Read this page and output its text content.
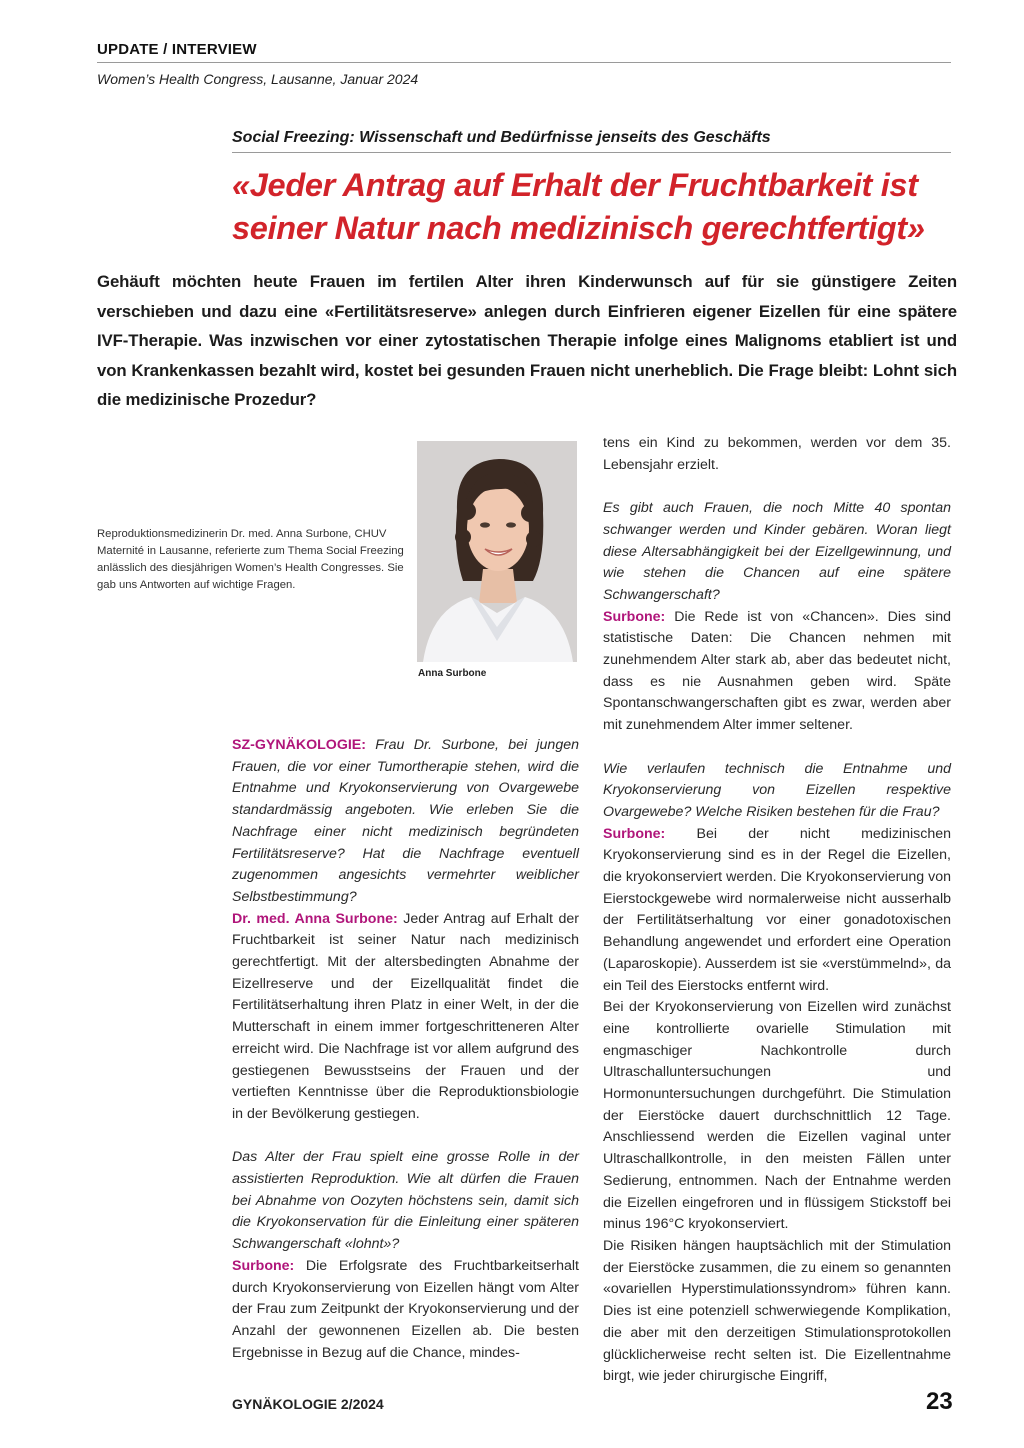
UPDATE / INTERVIEW
Women’s Health Congress, Lausanne, Januar 2024
Social Freezing: Wissenschaft und Bedürfnisse jenseits des Geschäfts
«Jeder Antrag auf Erhalt der Fruchtbarkeit ist seiner Natur nach medizinisch gerechtfertigt»
Gehäuft möchten heute Frauen im fertilen Alter ihren Kinderwunsch auf für sie günstigere Zeiten verschieben und dazu eine «Fertilitätsreserve» anlegen durch Einfrieren eigener Eizellen für eine spätere IVF-Therapie. Was inzwischen vor einer zytostatischen Therapie infolge eines Malignoms etabliert ist und von Krankenkassen bezahlt wird, kostet bei gesunden Frauen nicht unerheblich. Die Frage bleibt: Lohnt sich die medizinische Prozedur?
Reproduktionsmedizinerin Dr. med. Anna Surbone, CHUV Maternité in Lausanne, referierte zum Thema Social Freezing anlässlich des diesjährigen Women’s Health Congresses. Sie gab uns Antworten auf wichtige Fragen.
Anna Surbone

SZ-GYNÄKOLOGIE: Frau Dr. Surbone, bei jungen Frauen, die vor einer Tumortherapie stehen, wird die Entnahme und Kryokonservierung von Ovargewebe standardmässig angeboten. Wie erleben Sie die Nachfrage einer nicht medizinisch begründeten Fertilitätsreserve? Hat die Nachfrage eventuell zugenommen angesichts vermehrter weiblicher Selbstbestimmung?

Dr. med. Anna Surbone: Jeder Antrag auf Erhalt der Fruchtbarkeit ist seiner Natur nach medizinisch gerechtfertigt. Mit der altersbedingten Abnahme der Eizellreserve und der Eizellqualität findet die Fertilitätserhaltung ihren Platz in einer Welt, in der die Mutterschaft in einem immer fortgeschritteneren Alter erreicht wird. Die Nachfrage ist vor allem aufgrund des gestiegenen Bewusstseins der Frauen und der vertieften Kenntnisse über die Reproduktionsbiologie in der Bevölkerung gestiegen.

Das Alter der Frau spielt eine grosse Rolle in der assistierten Reproduktion. Wie alt dürfen die Frauen bei Abnahme von Oozyten höchstens sein, damit sich die Kryokonservation für die Einleitung einer späteren Schwangerschaft «lohnt»?

Surbone: Die Erfolgsrate des Fruchtbarkeitserhalt durch Kryokonservierung von Eizellen hängt vom Alter der Frau zum Zeitpunkt der Kryokonservierung und der Anzahl der gewonnenen Eizellen ab. Die besten Ergebnisse in Bezug auf die Chance, mindes-

tens ein Kind zu bekommen, werden vor dem 35. Lebensjahr erzielt.

Es gibt auch Frauen, die noch Mitte 40 spontan schwanger werden und Kinder gebären. Woran liegt diese Altersabhängigkeit bei der Eizellgewinnung, und wie stehen die Chancen auf eine spätere Schwangerschaft?

Surbone: Die Rede ist von «Chancen». Dies sind statistische Daten: Die Chancen nehmen mit zunehmendem Alter stark ab, aber das bedeutet nicht, dass es nie Ausnahmen geben wird. Späte Spontanschwangerschaften gibt es zwar, werden aber mit zunehmendem Alter immer seltener.

Wie verlaufen technisch die Entnahme und Kryokonservierung von Eizellen respektive Ovargewebe? Welche Risiken bestehen für die Frau?

Surbone: Bei der nicht medizinischen Kryokonservierung sind es in der Regel die Eizellen, die kryokonserviert werden. Die Kryokonservierung von Eierstockgewebe wird normalerweise nicht ausserhalb der Fertilitätserhaltung vor einer gonadotoxischen Behandlung angewendet und erfordert eine Operation (Laparoskopie). Ausserdem ist sie «verstümmelnd», da ein Teil des Eierstocks entfernt wird.

Bei der Kryokonservierung von Eizellen wird zunächst eine kontrollierte ovarielle Stimulation mit engmaschiger Nachkontrolle durch Ultraschalluntersuchungen und Hormonuntersuchungen durchgeführt. Die Stimulation der Eierstöcke dauert durchschnittlich 12 Tage. Anschliessend werden die Eizellen vaginal unter Ultraschallkontrolle, in den meisten Fällen unter Sedierung, entnommen. Nach der Entnahme werden die Eizellen eingefroren und in flüssigem Stickstoff bei minus 196°C kryokonserviert.

Die Risiken hängen hauptsächlich mit der Stimulation der Eierstöcke zusammen, die zu einem so genannten «ovariellen Hyperstimulationssyndrom» führen kann. Dies ist eine potenziell schwerwiegende Komplikation, die aber mit den derzeitigen Stimulationsprotokollen glücklicherweise recht selten ist. Die Eizellentnahme birgt, wie jeder chirurgische Eingriff,

GYNÄKOLOGIE 2/2024	23
